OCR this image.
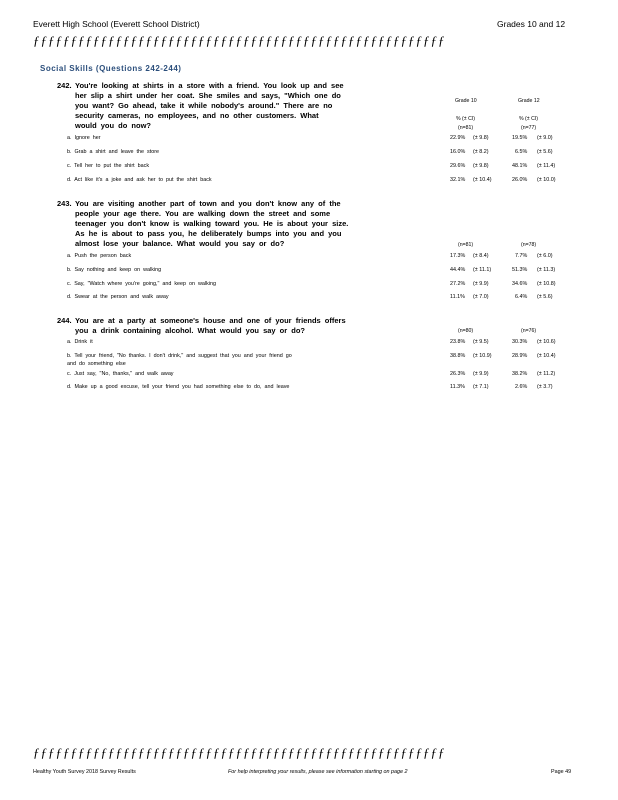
Everett High School (Everett School District)	Grades 10 and 12
ƒƒƒƒƒƒƒƒƒƒƒƒƒƒƒƒƒƒƒƒƒƒƒƒƒƒƒƒƒƒƒƒƒƒƒƒƒƒƒƒƒƒƒƒƒƒƒƒƒƒƒƒƒƒƒ
Social Skills (Questions 242-244)
242. You're looking at shirts in a store with a friend. You look up and see
her slip a shirt under her coat. She smiles and says, "Which one do
you want? Go ahead, take it while nobody's around." There are no
security cameras, no employees, and no other customers. What
would you do now?
Grade 10	Grade 12
% (± CI)	% (± CI)
(n=81)	(n=77)
a. Ignore her	22.9% (± 9.8)	19.5% (± 9.0)
b. Grab a shirt and leave the store	16.0% (± 8.2)	6.5% (± 5.6)
c. Tell her to put the shirt back	29.6% (± 9.8)	48.1% (± 11.4)
d. Act like it's a joke and ask her to put the shirt back	32.1% (± 10.4)	26.0% (± 10.0)
243. You are visiting another part of town and you don't know any of the
people your age there. You are walking down the street and some
teenager you don't know is walking toward you. He is about your size.
As he is about to pass you, he deliberately bumps into you and you
almost lose your balance. What would you say or do?	(n=81)	(n=78)
a. Push the person back	17.3% (± 8.4)	7.7% (± 6.0)
b. Say nothing and keep on walking	44.4% (± 11.1)	51.3% (± 11.3)
c. Say, "Watch where you're going," and keep on walking	27.2% (± 9.9)	34.6% (± 10.8)
d. Swear at the person and walk away	11.1% (± 7.0)	6.4% (± 5.6)
244. You are at a party at someone's house and one of your friends offers
you a drink containing alcohol. What would you say or do?	(n=80)	(n=76)
a. Drink it	23.8% (± 9.5)	30.3% (± 10.6)
b. Tell your friend, "No thanks. I don't drink," and suggest that you and your friend go
and do something else
38.8% (± 10.9)	28.9% (± 10.4)
c. Just say, "No, thanks," and walk away	26.3% (± 9.9)	38.2% (± 11.2)
d. Make up a good excuse, tell your friend you had something else to do, and leave	11.3% (± 7.1)	2.6% (± 3.7)
ƒƒƒƒƒƒƒƒƒƒƒƒƒƒƒƒƒƒƒƒƒƒƒƒƒƒƒƒƒƒƒƒƒƒƒƒƒƒƒƒƒƒƒƒƒƒƒƒƒƒƒƒƒƒƒ
Healthy Youth Survey 2018 Survey Results	For help interpreting your results, please see information starting on page 2	Page 49
